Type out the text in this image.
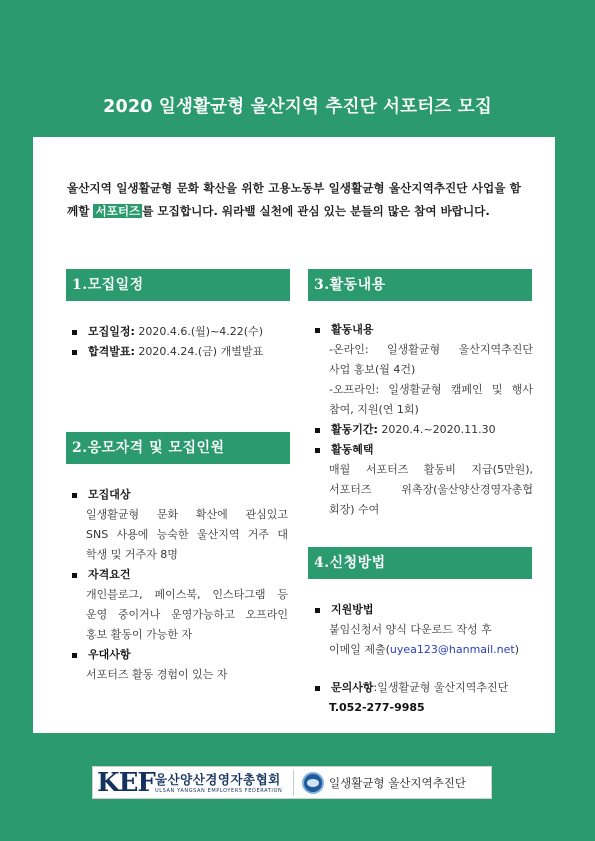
2020 일생활균형 울산지역 추진단 서포터즈 모집

울산지역 일생활균형 문화 확산을 위한 고용노동부 일생활균형 울산지역추진단 사업을 함께할 서포터즈 를 모집합니다. 워라밸 실천에 관심 있는 분들의 많은 참여 바랍니다.

1.모집일정
모집일정: 2020.4.6.(월)~4.22(수)
합격발표: 2020.4.24.(금) 개별발표
2.응모자격 및 모집인원
모집대상
일생활균형 문화 확산에 관심있고
SNS 사용에 능숙한 울산지역 거주 대
학생 및 거주자 8명
자격요건
개인블로그, 페이스북, 인스타그램 등
운영 중이거나 운영가능하고 오프라인
홍보 활동이 가능한 자
우대사항
서포터즈 활동 경험이 있는 자
3.활동내용
활동내용
-온라인: 일생활균형 울산지역추진단
사업 홍보(월 4건)
-오프라인: 일생활균형 캠페인 및 행사
참여, 지원(연 1회)
활동기간: 2020.4.~2020.11.30
활동혜택
매월 서포터즈 활동비 지급(5만원),
서포터즈 위촉장(울산양산경영자총협
회장) 수여
4.신청방법
지원방법
붙임신청서 양식 다운로드 작성 후
이메일 제출(uyea123@hanmail.net)
문의사항:일생활균형 울산지역추진단
T.052-277-9985
KEF 울산양산경영자총협회
ULSAN YANGSAN EMPLOYERS FEDERATION
일생활균형 울산지역추진단
